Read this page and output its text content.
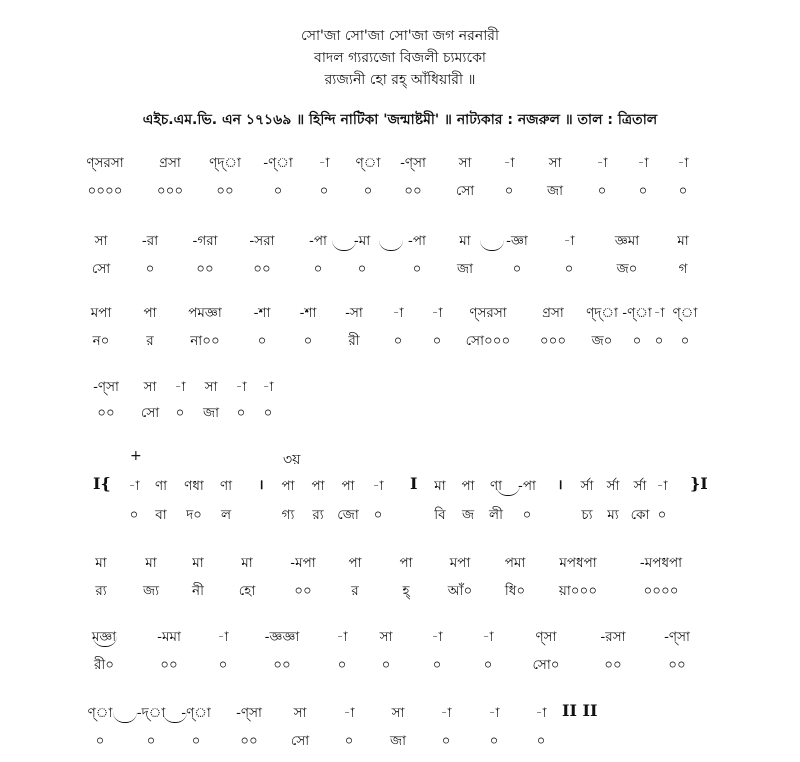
সো'জা সো'জা সো'জা জগ নরনারী
বাদল গ্যর‍্যজো বিজলী চ্যম্যকো
র‍্যজ্যনী হো রহ্ আঁধিয়ারী ॥
এইচ.এম.ভি. এন ১৭১৬৯ ॥ হিন্দি নাটিকা 'জন্মাষ্টমী' ॥ নাট্যকার : নজরুল ॥ তাল : ত্রিতাল
ণ্সরসা	ণ্রসা ণ্দ্া -ণ্া -া ণ্া -ণ্সা সা -া	সা	-া -া -া
০০০০	০০০ ০০	০	০	০ ০০	সো ০ জা	০ ০ ০
সা	-রা	-গরা -সরা	-পা -মা	-পা মা	-জ্ঞা	-া	জ্ঞমা	মা
সো	০	০০	০০	০	০	০	জা	০	০	জ০	গ
মপা পা পমজ্ঞা -শা -শা -সা -া -া ণ্সরসা	ণ্রসা ণ্দ্া -ণ্া -া ণ্া
ন০	র	না০০	০	০	রী	০ ০ সো০০০ ০০০ জ০ ০ ০ ০
-ণ্সা সা -া সা -া -া
০০ সো ০ জা ০ ০
+	৩য়
I{ -া ণা ণধা ণা । পা পা পা -া I মা পা ণা -পা । র্সা র্সা র্সা -া }I
০ বা দ০ ল	গ্য র‍্য জো ০	বি জ লী ০	চ্য ম্য কো ০
মা	মা	মা	মা	-মপা পা	পা	মপা	পমা	মপধপা	-মপধপা
র‍্য	জ্য নী	হো	০০	র	হ্	আঁ০ ধি০	য়া০০০	০০০০
মজ্ঞা	-মমা	-া	-জ্ঞজ্ঞা	-া সা	-া	-া	ণ্সা	-রসা	-ণ্সা
রী০	০০	০	০০	০	০	০	০	সো০	০০	০০
ণ্া -দ্া -ণ্া -ণ্সা সা	-া	সা	-া	-া	-া II II
০	০	০	০০ সো	০	জা	০	০	০
